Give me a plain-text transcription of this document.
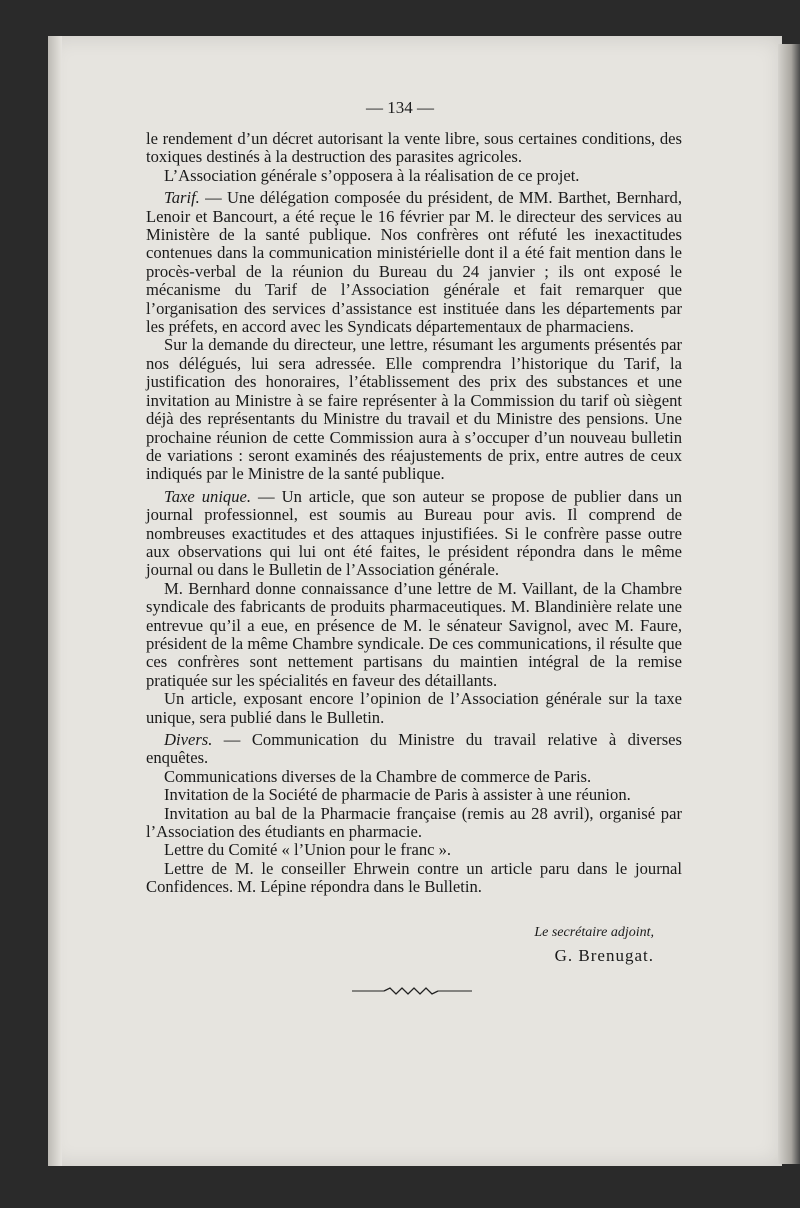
— 134 —

le rendement d’un décret autorisant la vente libre, sous certaines conditions, des toxiques destinés à la destruction des parasites agricoles.

L’Association générale s’opposera à la réalisation de ce projet.

Tarif. — Une délégation composée du président, de MM. Barthet, Bernhard, Lenoir et Bancourt, a été reçue le 16 février par M. le directeur des services au Ministère de la santé publique. Nos confrères ont réfuté les inexactitudes contenues dans la communication ministérielle dont il a été fait mention dans le procès-verbal de la réunion du Bureau du 24 janvier ; ils ont exposé le mécanisme du Tarif de l’Association générale et fait remarquer que l’organisation des services d’assistance est instituée dans les départements par les préfets, en accord avec les Syndicats départementaux de pharmaciens.

Sur la demande du directeur, une lettre, résumant les arguments présentés par nos délégués, lui sera adressée. Elle comprendra l’historique du Tarif, la justification des honoraires, l’établissement des prix des substances et une invitation au Ministre à se faire représenter à la Commission du tarif où siègent déjà des représentants du Ministre du travail et du Ministre des pensions. Une prochaine réunion de cette Commission aura à s’occuper d’un nouveau bulletin de variations : seront examinés des réajustements de prix, entre autres de ceux indiqués par le Ministre de la santé publique.

Taxe unique. — Un article, que son auteur se propose de publier dans un journal professionnel, est soumis au Bureau pour avis. Il comprend de nombreuses exactitudes et des attaques injustifiées. Si le confrère passe outre aux observations qui lui ont été faites, le président répondra dans le même journal ou dans le Bulletin de l’Association générale.

M. Bernhard donne connaissance d’une lettre de M. Vaillant, de la Chambre syndicale des fabricants de produits pharmaceutiques. M. Blandinière relate une entrevue qu’il a eue, en présence de M. le sénateur Savignol, avec M. Faure, président de la même Chambre syndicale. De ces communications, il résulte que ces confrères sont nettement partisans du maintien intégral de la remise pratiquée sur les spécialités en faveur des détaillants.

Un article, exposant encore l’opinion de l’Association générale sur la taxe unique, sera publié dans le Bulletin.

Divers. — Communication du Ministre du travail relative à diverses enquêtes.

Communications diverses de la Chambre de commerce de Paris.

Invitation de la Société de pharmacie de Paris à assister à une réunion.

Invitation au bal de la Pharmacie française (remis au 28 avril), organisé par l’Association des étudiants en pharmacie.

Lettre du Comité « l’Union pour le franc ».

Lettre de M. le conseiller Ehrwein contre un article paru dans le journal Confidences. M. Lépine répondra dans le Bulletin.

Le secrétaire adjoint,
G. Brenugat.
